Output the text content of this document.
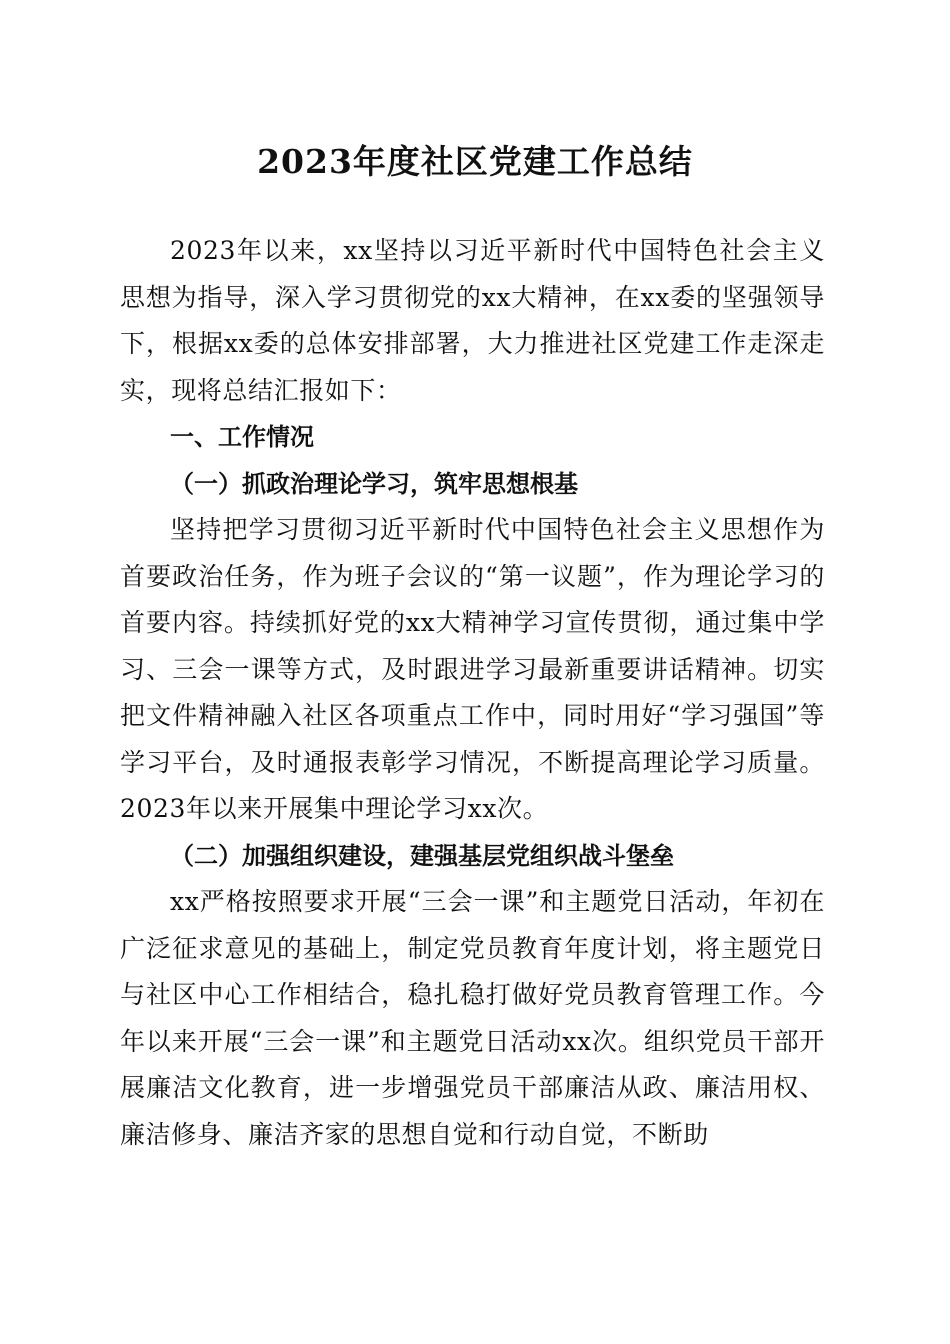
2023年度社区党建工作总结

2023年以来，xx坚持以习近平新时代中国特色社会主义思想为指导，深入学习贯彻党的xx大精神，在xx委的坚强领导下，根据xx委的总体安排部署，大力推进社区党建工作走深走实，现将总结汇报如下：

一、工作情况

（一）抓政治理论学习，筑牢思想根基

坚持把学习贯彻习近平新时代中国特色社会主义思想作为首要政治任务，作为班子会议的“第一议题”，作为理论学习的首要内容。持续抓好党的xx大精神学习宣传贯彻，通过集中学习、三会一课等方式，及时跟进学习最新重要讲话精神。切实把文件精神融入社区各项重点工作中，同时用好“学习强国”等学习平台，及时通报表彰学习情况，不断提高理论学习质量。2023年以来开展集中理论学习xx次。

（二）加强组织建设，建强基层党组织战斗堡垒

xx严格按照要求开展“三会一课”和主题党日活动，年初在广泛征求意见的基础上，制定党员教育年度计划，将主题党日与社区中心工作相结合，稳扎稳打做好党员教育管理工作。今年以来开展“三会一课”和主题党日活动xx次。组织党员干部开展廉洁文化教育，进一步增强党员干部廉洁从政、廉洁用权、廉洁修身、廉洁齐家的思想自觉和行动自觉，不断助
